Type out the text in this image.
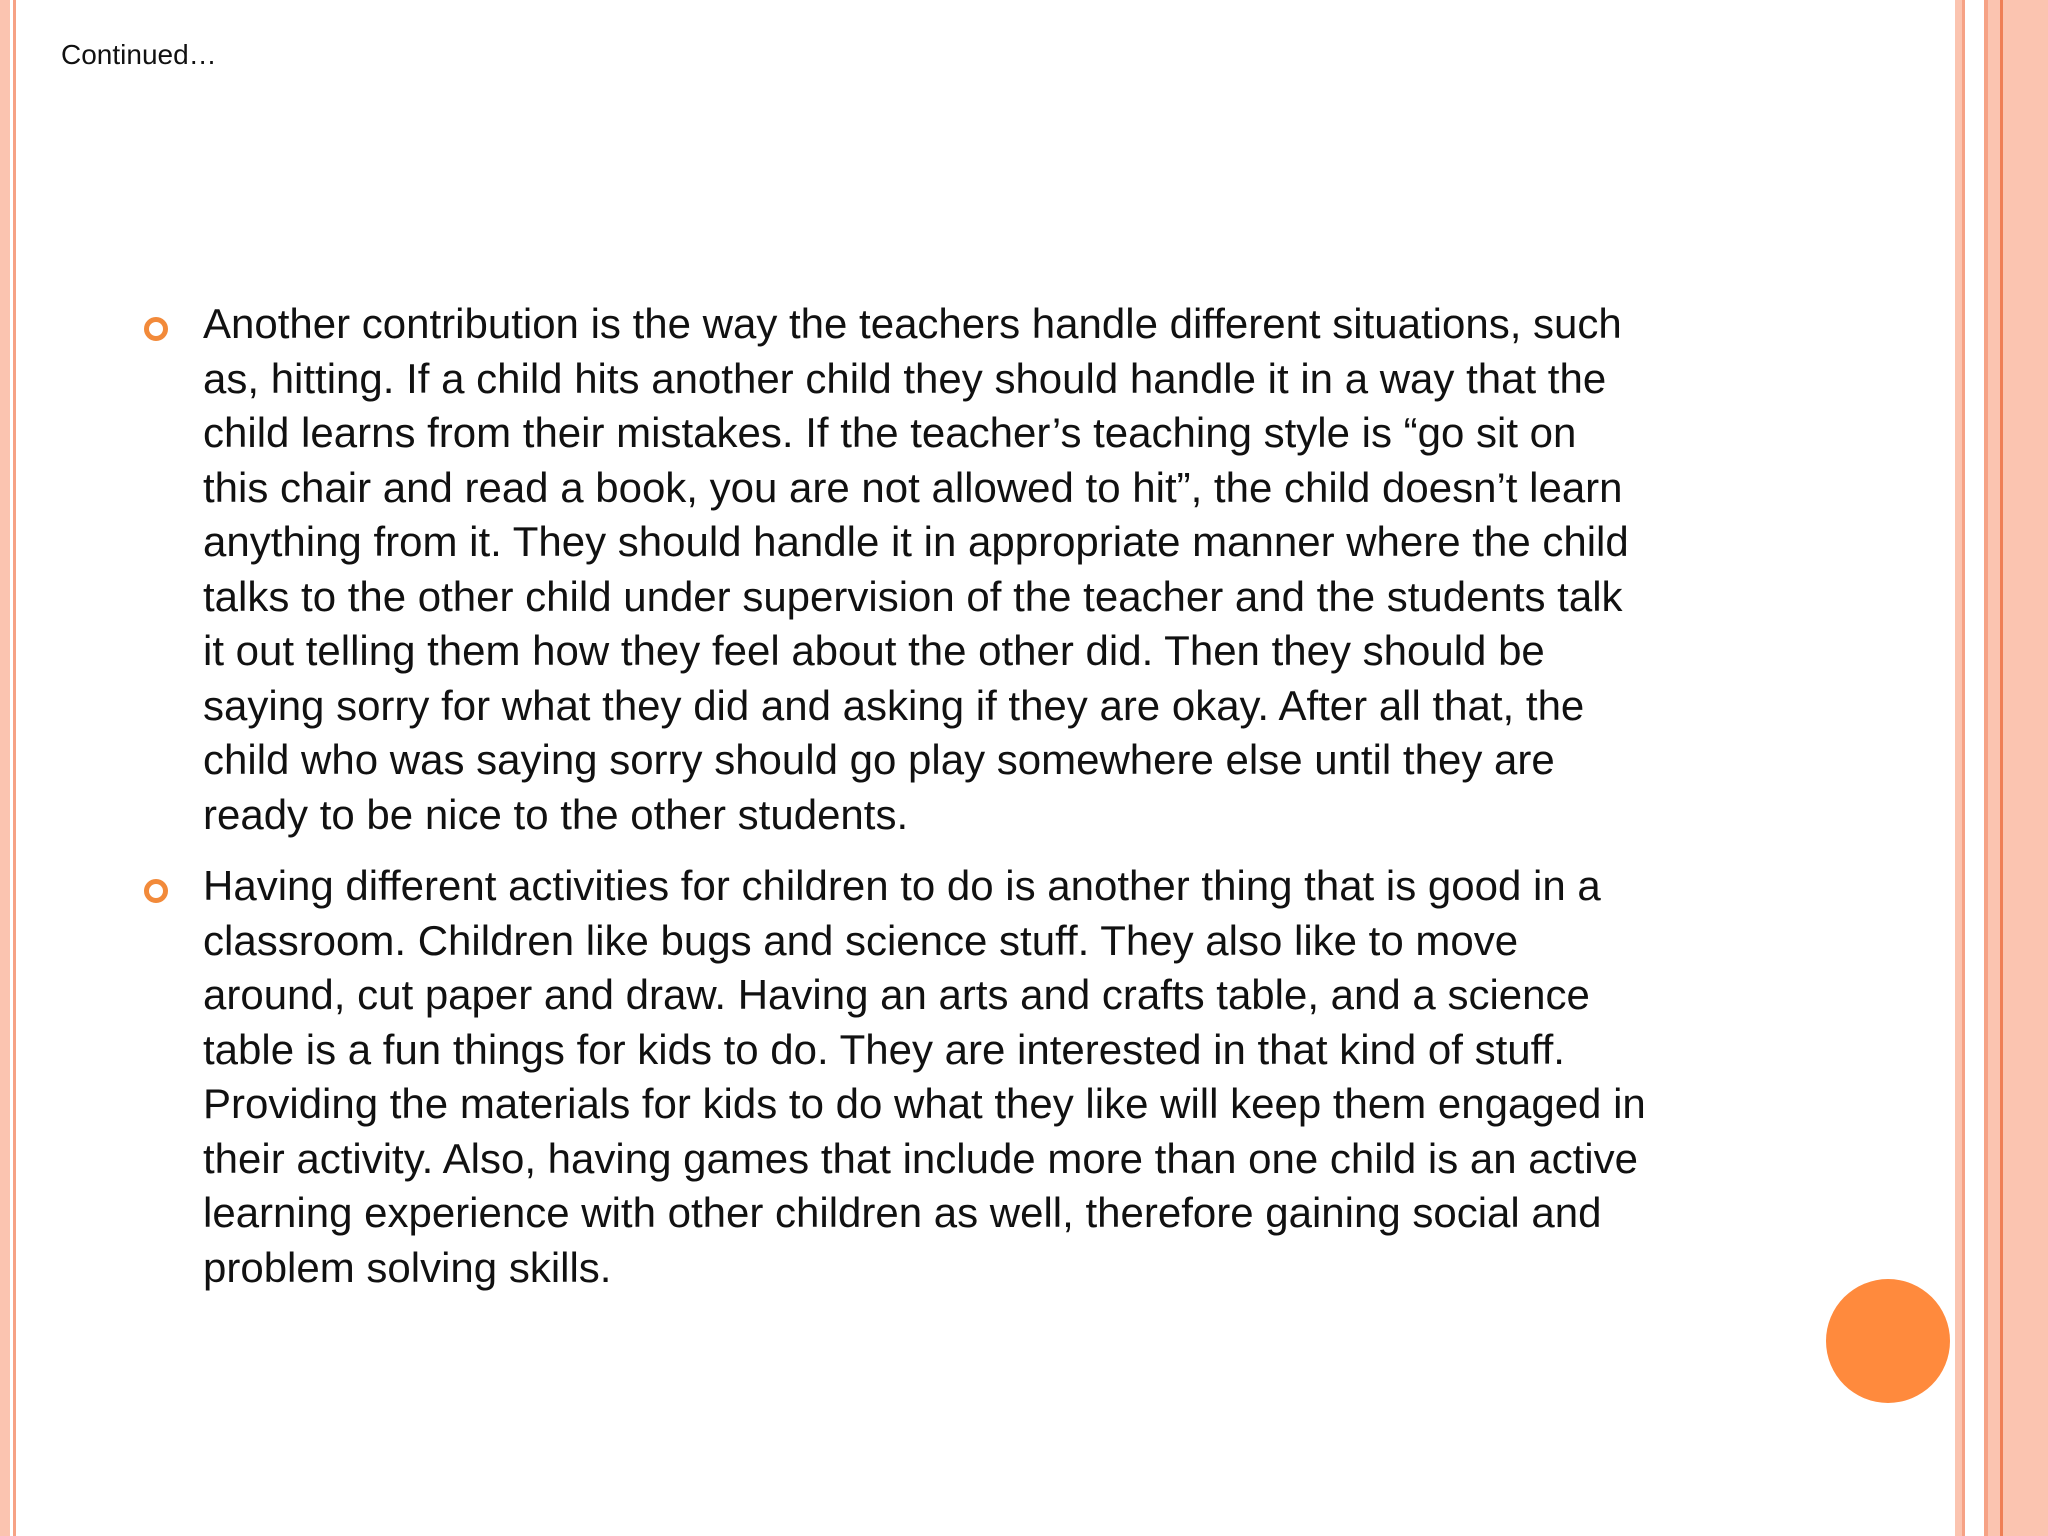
Continued…
Another contribution is the way the teachers handle different situations, such
as, hitting. If a child hits another child they should handle it in a way that the
child learns from their mistakes. If the teacher’s teaching style is “go sit on
this chair and read a book, you are not allowed to hit”, the child doesn’t learn
anything from it. They should handle it in appropriate manner where the child
talks to the other child under supervision of the teacher and the students talk
it out telling them how they feel about the other did. Then they should be
saying sorry for what they did and asking if they are okay. After all that, the
child who was saying sorry should go play somewhere else until they are
ready to be nice to the other students.
Having different activities for children to do is another thing that is good in a
classroom. Children like bugs and science stuff. They also like to move
around, cut paper and draw. Having an arts and crafts table, and a science
table is a fun things for kids to do. They are interested in that kind of stuff.
Providing the materials for kids to do what they like will keep them engaged in
their activity. Also, having games that include more than one child is an active
learning experience with other children as well, therefore gaining social and
problem solving skills.
